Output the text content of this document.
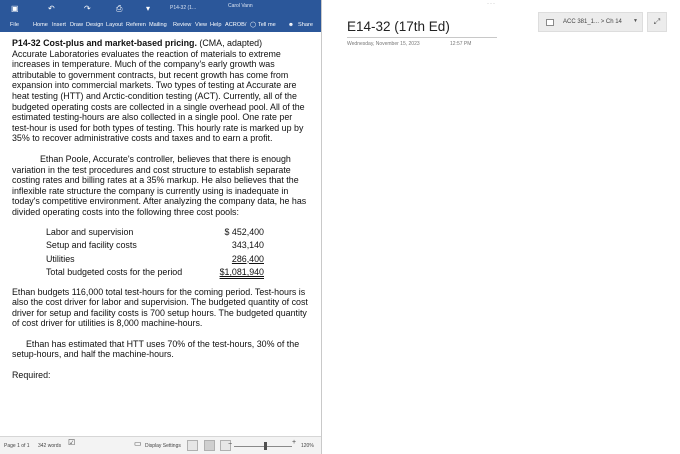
▣	↶	↷	⎙	▾	P14-32 (1...	Carol Vann
File Home Insert Draw Design Layout Referen Mailing Review View Help ACROB/ ◯ Tell me ☻ Share

P14-32 Cost-plus and market-based pricing. (CMA, adapted)

Accurate Laboratories evaluates the reaction of materials to extreme increases in temperature. Much of the company's early growth was attributable to government contracts, but recent growth has come from expansion into commercial markets. Two types of testing at Accurate are heat testing (HTT) and Arctic-condition testing (ACT). Currently, all of the budgeted operating costs are collected in a single overhead pool. All of the estimated testing-hours are also collected in a single pool. One rate per test-hour is used for both types of testing. This hourly rate is marked up by 35% to recover administrative costs and taxes and to earn a profit.

Ethan Poole, Accurate's controller, believes that there is enough variation in the test procedures and cost structure to establish separate costing rates and billing rates at a 35% markup. He also believes that the inflexible rate structure the company is currently using is inadequate in today's competitive environment. After analyzing the company data, he has divided operating costs into the following three cost pools:

Labor and supervision	$ 452,400
Setup and facility costs	343,140
Utilities	286,400
Total budgeted costs for the period	$1,081,940

Ethan budgets 116,000 total test-hours for the coming period. Test-hours is also the cost driver for labor and supervision. The budgeted quantity of cost driver for setup and facility costs is 700 setup hours. The budgeted quantity of cost driver for utilities is 8,000 machine-hours.

Ethan has estimated that HTT uses 70% of the test-hours, 30% of the setup-hours, and half the machine-hours.

Required:

Page 1 of 1 342 words ☑	▭ Display Settings	−	+ 120%
···
E14-32 (17th Ed)
Wednesday, November 15, 2023	12:57 PM
ACC 381_1... > Ch 14 ▼	⤢
